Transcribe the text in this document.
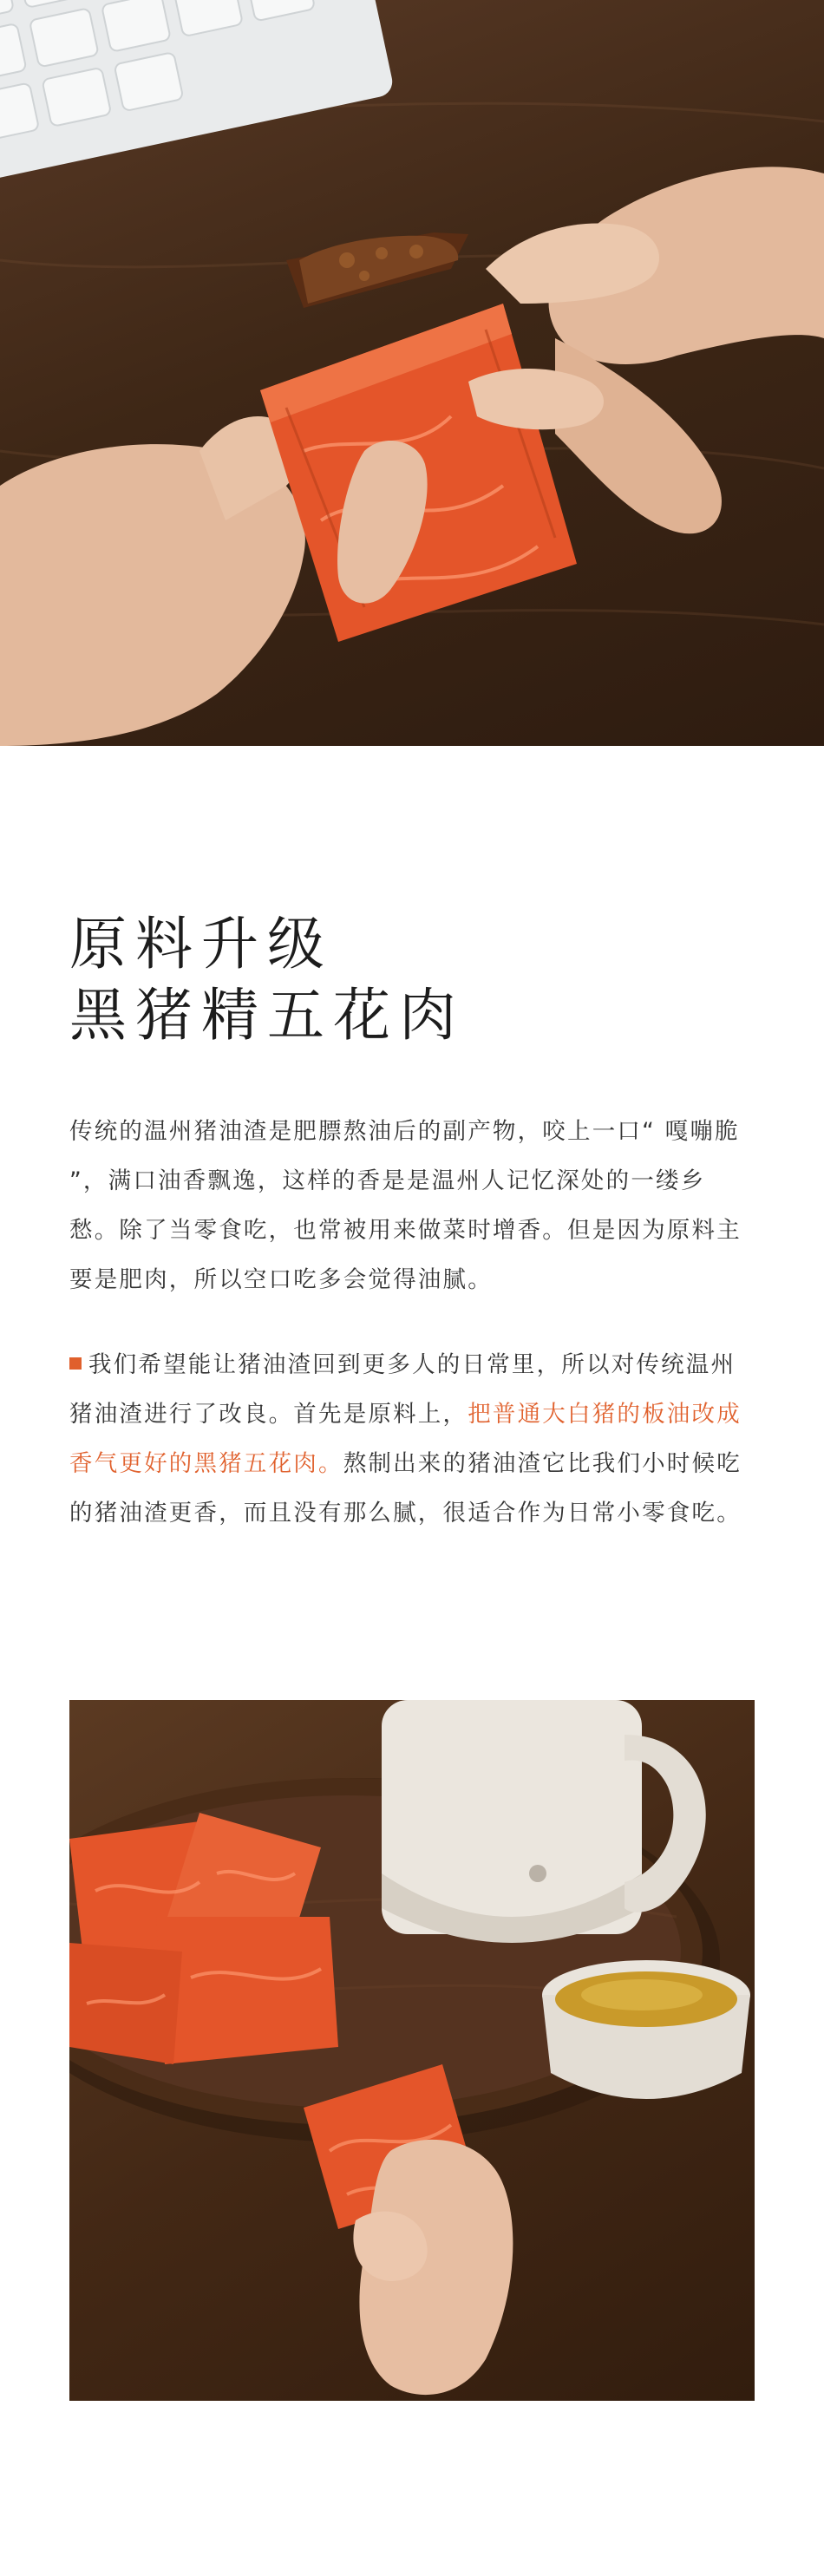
原料升级
黑猪精五花肉
传统的温州猪油渣是肥膘熬油后的副产物，咬上一口“ 嘎嘣脆 ”，满口油香飘逸，这样的香是是温州人记忆深处的一缕乡愁。除了当零食吃，也常被用来做菜时增香。但是因为原料主要是肥肉，所以空口吃多会觉得油腻。
我们希望能让猪油渣回到更多人的日常里，所以对传统温州猪油渣进行了改良。首先是原料上，把普通大白猪的板油改成香气更好的黑猪五花肉。熬制出来的猪油渣它比我们小时候吃的猪油渣更香，而且没有那么腻，很适合作为日常小零食吃。
